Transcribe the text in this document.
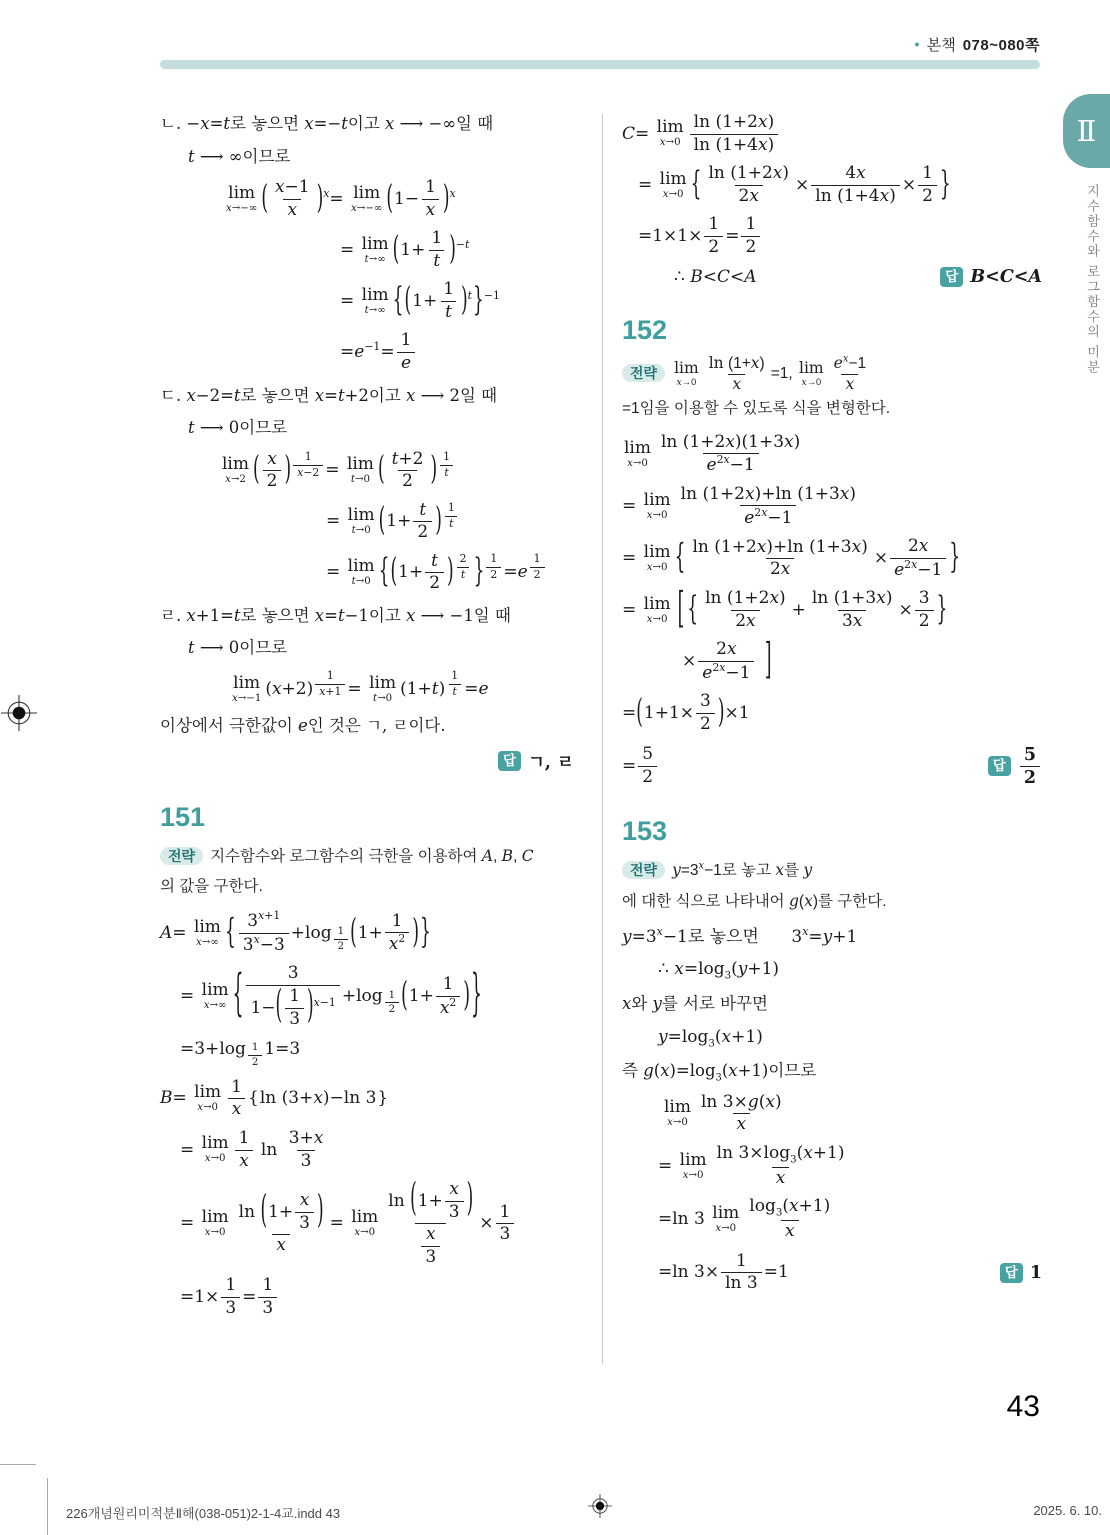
● 본책 078~080쪽
Ⅱ
지수함수와 로그함수의 미분
ㄴ. −x=t로 놓으면 x=−t이고 x ⟶ −∞일 때
t ⟶ ∞이므로
lim
x→−∞ ( $\frac{x-1}{x}$ ) $^x$= lim
x→−∞ ( $1- \frac{1}{x}$ ) $^x$
= lim
t→∞ ( $1+ \frac{1}{t}$ ) $^{-t}$
= lim
t→∞ { ( $1+ \frac{1}{t}$ ) $^t$ } $^{-1}$
$=e^{-1}= \frac{1}{e}$
ㄷ. x−2=t로 놓으면 x=t+2이고 x ⟶ 2일 때
t ⟶ 0이므로
lim
x→2 ( $\frac{x}{2}$ ) $^{\frac{1}{x-2}}$ = lim
t→0 ( $\frac{t+2}{2}$ ) $^{\frac{1}{t}}$
= lim
t→0 ( $1+ \frac{t}{2}$ ) $^{\frac{1}{t}}$
= lim
t→0 { ( $1+ \frac{t}{2}$ ) $^{\frac{2}{t}}$ } $^{\frac{1}{2}}$ =e $^{\frac{1}{2}}$
ㄹ. x+1=t로 놓으면 x=t−1이고 x ⟶ −1일 때
t ⟶ 0이므로
lim
x→−1 (x+2) $^{\frac{1}{x+1}}$ = lim
t→0 (1+t) $^{\frac{1}{t}}$ =e
이상에서 극한값이 e인 것은 ㄱ, ㄹ이다.
답 ㄱ, ㄹ
151
전략 지수함수와 로그함수의 극한을 이용하여 A, B, C의 값을 구한다.
A= lim
x→∞ { $\frac{3^{x+1}}{3^x-3} +\log$ $_{\frac{1}{2}}$ ( $1+ \frac{1}{x^2}$ ) }
= lim
x→∞ { $\frac{3}{1- ( \frac{1}{3} ) ^{x-1}} +\log$ $_{\frac{1}{2}}$ ( $1+ \frac{1}{x^2}$ ) }
=3+log $_{\frac{1}{2}}$ 1=3
B= lim
$x\to 0 \frac{1}{x}$ { ln (3+x)−ln 3 }
= lim
$x\to 0 \frac{1}{x}$ $\ln \frac{3+x}{3}$
= lim
$x\to 0 \frac{\ln ( 1+ \frac{x}{3} )}{x} = \lim$
$x\to 0 \frac{\ln ( 1+ \frac{x}{3} )}{\frac{x}{3}} \times \frac{1}{3}$
$=1\times \frac{1}{3} = \frac{1}{3}$
C= lim
$x\to 0 \frac{\ln (1+2x)}{\ln (1+4x)}$
= lim
x→0 { $\frac{\ln (1+2x)}{2x} \times \frac{4x}{\ln (1+4x)} \times \frac{1}{2}$ }
$=1\times 1\times \frac{1}{2} = \frac{1}{2}$
∴ B<C<A	답 B<C<A
152
전략 lim
$x\to 0 \frac{\ln (1+x)}{x} =1$, lim
$x\to 0 \frac{e^x-1}{x}$
=1임을 이용할 수 있도록 식을 변형한다.
lim
$x\to 0 \frac{\ln (1+2x)(1+3x)}{e^{2x}-1}$
= lim
$x\to 0 \frac{\ln (1+2x)+\ln (1+3x)}{e^{2x}-1}$
= lim
x→0 { $\frac{\ln (1+2x)+\ln (1+3x)}{2x} \times \frac{2x}{e^{2x}-1}$ }
= lim
x→0 [ { $\frac{\ln (1+2x)}{2x} + \frac{\ln (1+3x)}{3x} \times \frac{3}{2}$ }
× $\frac{2x}{e^{2x}-1}$ ]
= ( $1+1\times \frac{3}{2}$ ) ×1
= $\frac{5}{2}$	답 $\frac{5}{2}$
153
전략 $y=3^x-1$로 놓고 x를 y에 대한 식으로 나타내어 g(x)를 구한다.
$y=3^x-1$로 놓으면      $3^x=y+1$
∴ $x=\log_3(y+1)$
x와 y를 서로 바꾸면
$y=\log_3(x+1)$
즉 $g(x)=\log_3(x+1)$이므로
lim
$x\to 0 \frac{\ln 3\times g(x)}{x}$
= lim
$x\to 0 \frac{\ln 3\times\log_3(x+1)}{x}$
=ln 3 lim
$x\to 0 \frac{\log_3(x+1)}{x}$
=ln $3\times \frac{1}{\ln 3} =1$	답 1
43
226개념원리미적분Ⅱ해(038-051)2-1-4교.indd 43	2025. 6. 10.
